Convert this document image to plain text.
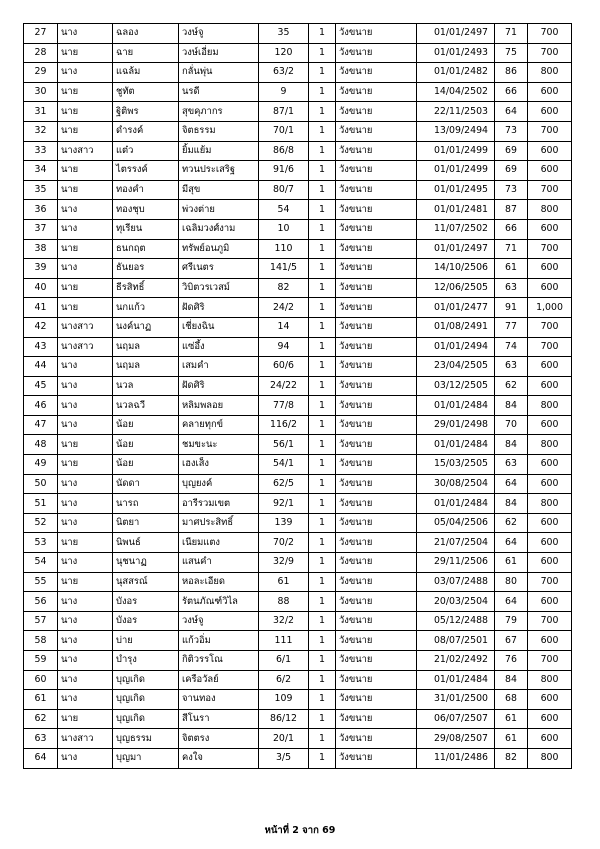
27	นาง	ฉลอง	วงษ์จู	35	1	วังขนาย	01/01/2497	71	700
28	นาย	ฉาย	วงษ์เอี่ยม	120	1	วังขนาย	01/01/2493	75	700
29	นาง	แฉล้ม	กลั่นพุ่น	63/2	1	วังขนาย	01/01/2482	86	800
30	นาย	ชูทัต	นรดี	9	1	วังขนาย	14/04/2502	66	600
31	นาย	ฐิติพร	สุขคุภากร	87/1	1	วังขนาย	22/11/2503	64	600
32	นาย	ดำรงค์	จิตธรรม	70/1	1	วังขนาย	13/09/2494	73	700
33	นางสาว	แต๋ว	ยิ้มแย้ม	86/8	1	วังขนาย	01/01/2499	69	600
34	นาย	ไตรรงค์	ทวนประเสริฐ	91/6	1	วังขนาย	01/01/2499	69	600
35	นาย	ทองคำ	มีสุข	80/7	1	วังขนาย	01/01/2495	73	700
36	นาง	ทองชุบ	พ่วงต่าย	54	1	วังขนาย	01/01/2481	87	800
37	นาง	ทุเรียน	เฉลิมวงศ์งาม	10	1	วังขนาย	11/07/2502	66	600
38	นาย	ธนกฤต	ทรัพย์อนภูมิ	110	1	วังขนาย	01/01/2497	71	700
39	นาง	ธันยอร	ศรีเนตร	141/5	1	วังขนาย	14/10/2506	61	600
40	นาย	ธีรสิทธิ์	วิบิตวรเวสม์	82	1	วังขนาย	12/06/2505	63	600
41	นาย	นกแก้ว	ฝัดศิริ	24/2	1	วังขนาย	01/01/2477	91	1,000
42	นางสาว	นงค์นาฏ	เชี่ยงฉิน	14	1	วังขนาย	01/08/2491	77	700
43	นางสาว	นฤมล	แซ่อึ้ง	94	1	วังขนาย	01/01/2494	74	700
44	นาง	นฤมล	เสมคำ	60/6	1	วังขนาย	23/04/2505	63	600
45	นาง	นวล	ฝัดศิริ	24/22	1	วังขนาย	03/12/2505	62	600
46	นาง	นวลฉวี	หลิมพลอย	77/8	1	วังขนาย	01/01/2484	84	800
47	นาง	น้อย	คลายทุกข์	116/2	1	วังขนาย	29/01/2498	70	600
48	นาย	น้อย	ชมขะนะ	56/1	1	วังขนาย	01/01/2484	84	800
49	นาย	น้อย	เฮงเส็ง	54/1	1	วังขนาย	15/03/2505	63	600
50	นาง	นัดดา	บุญยงค์	62/5	1	วังขนาย	30/08/2504	64	600
51	นาง	นารถ	อารีรวมเขต	92/1	1	วังขนาย	01/01/2484	84	800
52	นาง	นิตยา	มาศประสิทธิ์	139	1	วังขนาย	05/04/2506	62	600
53	นาย	นิพนธ์	เนียมแตง	70/2	1	วังขนาย	21/07/2504	64	600
54	นาง	นุชนาฏ	แสนคำ	32/9	1	วังขนาย	29/11/2506	61	600
55	นาย	นุสสรณ์	หอละเอียด	61	1	วังขนาย	03/07/2488	80	700
56	นาง	บังอร	รัตนภัณฑ์วิไล	88	1	วังขนาย	20/03/2504	64	600
57	นาง	บังอร	วงษ์จู	32/2	1	วังขนาย	05/12/2488	79	700
58	นาง	บ่าย	แก้วอิ่ม	111	1	วังขนาย	08/07/2501	67	600
59	นาง	บำรุง	กิติวรรโณ	6/1	1	วังขนาย	21/02/2492	76	700
60	นาง	บุญเกิด	เครือวัลย์	6/2	1	วังขนาย	01/01/2484	84	800
61	นาง	บุญเกิด	จานทอง	109	1	วังขนาย	31/01/2500	68	600
62	นาย	บุญเกิด	สีโนรา	86/12	1	วังขนาย	06/07/2507	61	600
63	นางสาว	บุญธรรม	จิตตรง	20/1	1	วังขนาย	29/08/2507	61	600
64	นาง	บุญมา	คงใจ	3/5	1	วังขนาย	11/01/2486	82	800
หน้าที่ 2 จาก 69
